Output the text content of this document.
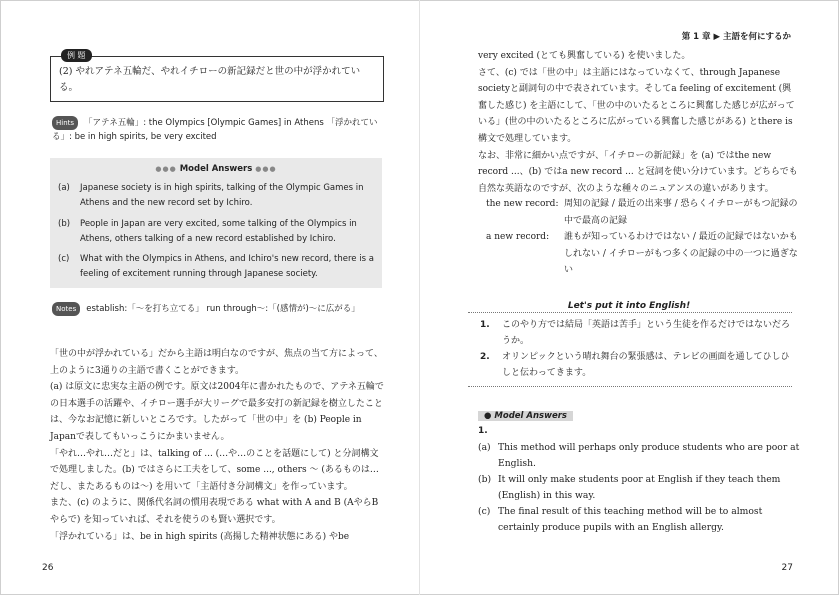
例 題
(2) やれアテネ五輪だ、やれイチローの新記録だと世の中が浮かれている。
Hints 「アテネ五輪」: the Olympics [Olympic Games] in Athens 「浮かれている」: be in high spirits, be very excited
●●● Model Answers ●●●
(a) Japanese society is in high spirits, talking of the Olympic Games in Athens and the new record set by Ichiro.
(b) People in Japan are very excited, some talking of the Olympics in Athens, others talking of a new record established by Ichiro.
(c) What with the Olympics in Athens, and Ichiro's new record, there is a feeling of excitement running through Japanese society.
Notes establish:「～を打ち立てる」 run through～:「(感情が)～に広がる」

「世の中が浮かれている」だから主語は明白なのですが、焦点の当て方によって、上のように3通りの主語で書くことができます。

(a) は原文に忠実な主語の例です。原文は2004年に書かれたもので、アテネ五輪での日本選手の活躍や、イチロー選手が大リーグで最多安打の新記録を樹立したことは、今なお記憶に新しいところです。したがって「世の中」を (b) People in Japanで表してもいっこうにかまいません。

「やれ…やれ…だと」は、talking of ... (…や…のことを話題にして) と分詞構文で処理しました。(b) ではさらに工夫をして、some ..., others ～ (あるものは…だし、またあるものは～) を用いて「主語付き分詞構文」を作っています。

また、(c) のように、関係代名詞の慣用表現である what with A and B (AやらBやらで) を知っていれば、それを使うのも賢い選択です。

「浮かれている」は、be in high spirits (高揚した精神状態にある) やbe

26
第 1 章 ▶ 主語を何にするか

very excited (とても興奮している) を使いました。

さて、(c) では「世の中」は主語にはなっていなくて、through Japanese societyと副詞句の中で表されています。そしてa feeling of excitement (興奮した感じ) を主語にして、「世の中のいたるところに興奮した感じが広がっている」(世の中のいたるところに広がっている興奮した感じがある) とthere is構文で処理しています。

なお、非常に細かい点ですが、「イチローの新記録」を (a) ではthe new record ...、(b) ではa new record ... と冠詞を使い分けています。どちらでも自然な英語なのですが、次のような種々のニュアンスの違いがあります。

the new record: 周知の記録 / 最近の出来事 / 恐らくイチローがもつ記録の中で最高の記録
a new record:	誰もが知っているわけではない / 最近の記録ではないかもしれない / イチローがもつ多くの記録の中の一つに過ぎない
Let's put it into English!
1. このやり方では結局「英語は苦手」という生徒を作るだけではないだろうか。
2. オリンピックという晴れ舞台の緊張感は、テレビの画面を通してひしひしと伝わってきます。
● Model Answers
1.
(a) This method will perhaps only produce students who are poor at English.
(b) It will only make students poor at English if they teach them (English) in this way.
(c) The final result of this teaching method will be to almost certainly produce pupils with an English allergy.
27
